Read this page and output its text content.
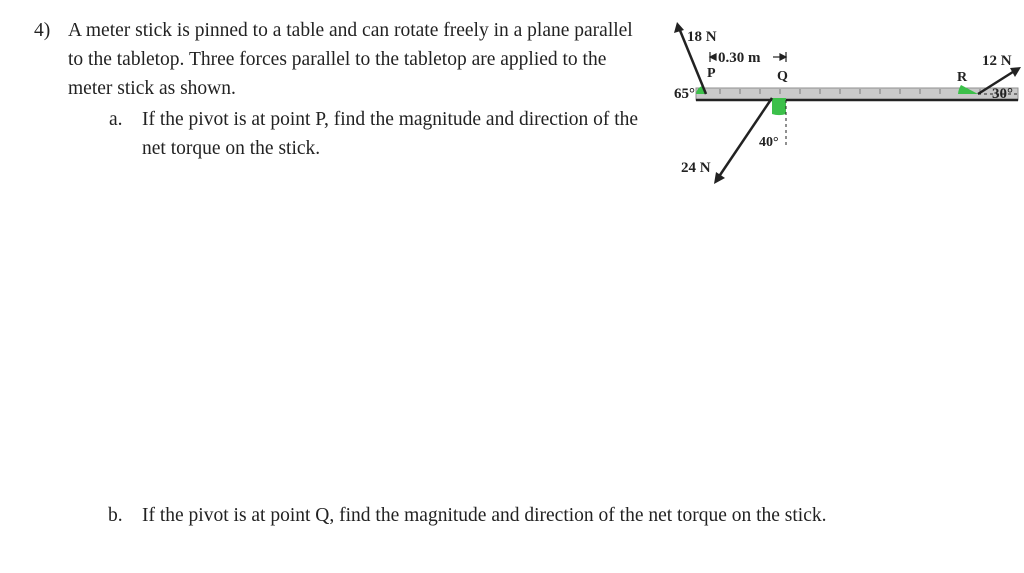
4) A meter stick is pinned to a table and can rotate freely in a plane parallel to the tabletop. Three forces parallel to the tabletop are applied to the meter stick as shown.
a. If the pivot is at point P, find the magnitude and direction of the net torque on the stick.
18 N
0.30 m
P	Q	R
12 N
65°
40°
30°
24 N
b. If the pivot is at point Q, find the magnitude and direction of the net torque on the stick.
